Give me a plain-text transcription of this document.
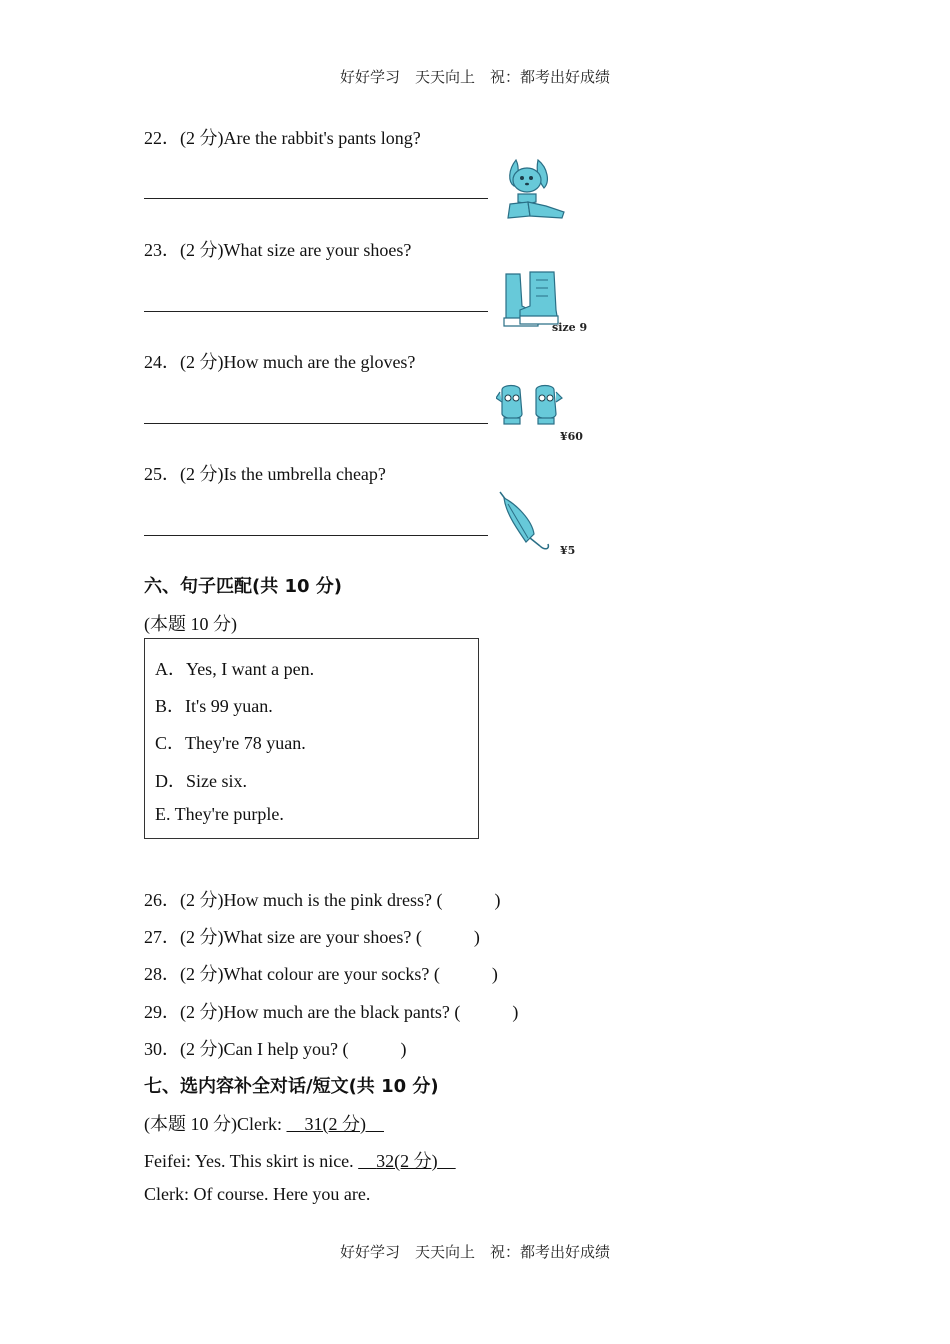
好好学习　天天向上　祝：都考出好成绩
22．(2 分)Are the rabbit's pants long?
23．(2 分)What size are your shoes?
size 9
24．(2 分)How much are the gloves?
¥60
25．(2 分)Is the umbrella cheap?
¥5
六、句子匹配(共 10 分)
(本题 10 分)
A．Yes, I want a pen.
B．It's 99 yuan.
C．They're 78 yuan.
D．Size six.
E. They're purple.
26．(2 分)How much is the pink dress? (	)
27．(2 分)What size are your shoes? (	)
28．(2 分)What colour are your socks? (	)
29．(2 分)How much are the black pants? (	)
30．(2 分)Can I help you? (	)
七、选内容补全对话/短文(共 10 分)
(本题 10 分)Clerk:     31(2 分)
Feifei: Yes. This skirt is nice.     32(2 分)
Clerk: Of course. Here you are.
好好学习　天天向上　祝：都考出好成绩
